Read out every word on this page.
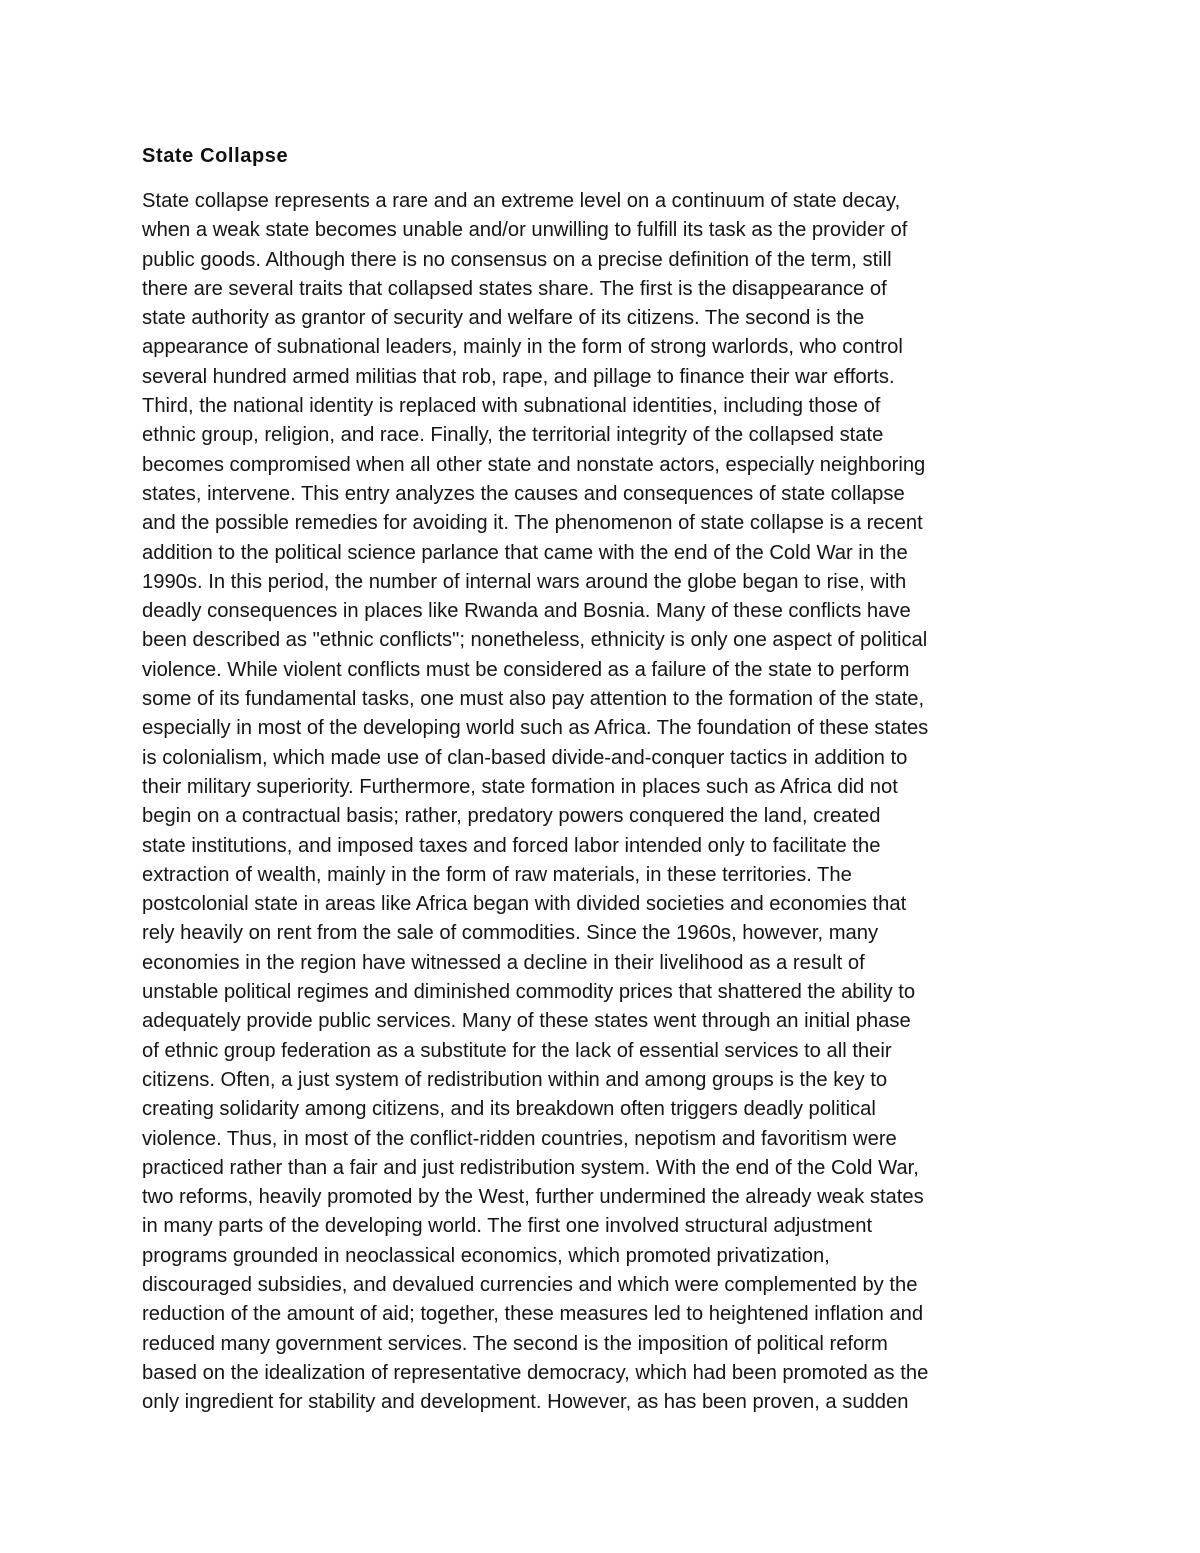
State Collapse
State collapse represents a rare and an extreme level on a continuum of state decay,
when a weak state becomes unable and/or unwilling to fulfill its task as the provider of
public goods. Although there is no consensus on a precise definition of the term, still
there are several traits that collapsed states share. The first is the disappearance of
state authority as grantor of security and welfare of its citizens. The second is the
appearance of subnational leaders, mainly in the form of strong warlords, who control
several hundred armed militias that rob, rape, and pillage to finance their war efforts.
Third, the national identity is replaced with subnational identities, including those of
ethnic group, religion, and race. Finally, the territorial integrity of the collapsed state
becomes compromised when all other state and nonstate actors, especially neighboring
states, intervene. This entry analyzes the causes and consequences of state collapse
and the possible remedies for avoiding it. The phenomenon of state collapse is a recent
addition to the political science parlance that came with the end of the Cold War in the
1990s. In this period, the number of internal wars around the globe began to rise, with
deadly consequences in places like Rwanda and Bosnia. Many of these conflicts have
been described as "ethnic conflicts"; nonetheless, ethnicity is only one aspect of political
violence. While violent conflicts must be considered as a failure of the state to perform
some of its fundamental tasks, one must also pay attention to the formation of the state,
especially in most of the developing world such as Africa. The foundation of these states
is colonialism, which made use of clan-based divide-and-conquer tactics in addition to
their military superiority. Furthermore, state formation in places such as Africa did not
begin on a contractual basis; rather, predatory powers conquered the land, created
state institutions, and imposed taxes and forced labor intended only to facilitate the
extraction of wealth, mainly in the form of raw materials, in these territories. The
postcolonial state in areas like Africa began with divided societies and economies that
rely heavily on rent from the sale of commodities. Since the 1960s, however, many
economies in the region have witnessed a decline in their livelihood as a result of
unstable political regimes and diminished commodity prices that shattered the ability to
adequately provide public services. Many of these states went through an initial phase
of ethnic group federation as a substitute for the lack of essential services to all their
citizens. Often, a just system of redistribution within and among groups is the key to
creating solidarity among citizens, and its breakdown often triggers deadly political
violence. Thus, in most of the conflict-ridden countries, nepotism and favoritism were
practiced rather than a fair and just redistribution system. With the end of the Cold War,
two reforms, heavily promoted by the West, further undermined the already weak states
in many parts of the developing world. The first one involved structural adjustment
programs grounded in neoclassical economics, which promoted privatization,
discouraged subsidies, and devalued currencies and which were complemented by the
reduction of the amount of aid; together, these measures led to heightened inflation and
reduced many government services. The second is the imposition of political reform
based on the idealization of representative democracy, which had been promoted as the
only ingredient for stability and development. However, as has been proven, a sudden
